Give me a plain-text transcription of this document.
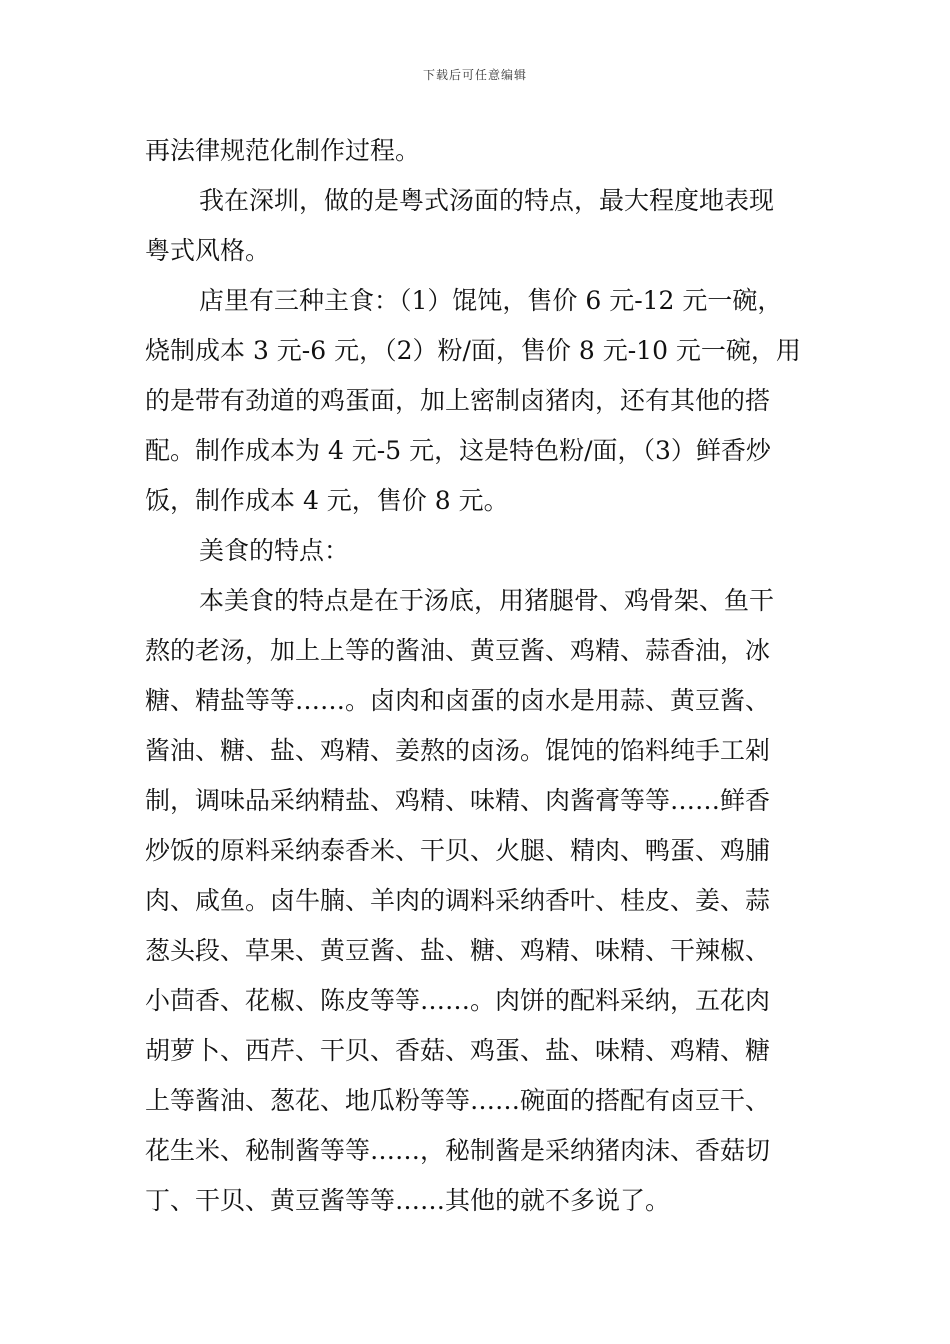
下载后可任意编辑
再法律规范化制作过程。
我在深圳，做的是粤式汤面的特点，最大程度地表现
粤式风格。
店里有三种主食：（1）馄饨，售价 6 元-12 元一碗，
烧制成本 3 元-6 元，（2）粉/面，售价 8 元-10 元一碗，用
的是带有劲道的鸡蛋面，加上密制卤猪肉，还有其他的搭
配。制作成本为 4 元-5 元，这是特色粉/面，（3）鲜香炒
饭，制作成本 4 元，售价 8 元。
美食的特点：
本美食的特点是在于汤底，用猪腿骨、鸡骨架、鱼干
熬的老汤，加上上等的酱油、黄豆酱、鸡精、蒜香油，冰
糖、精盐等等……。卤肉和卤蛋的卤水是用蒜、黄豆酱、
酱油、糖、盐、鸡精、姜熬的卤汤。馄饨的馅料纯手工剁
制，调味品采纳精盐、鸡精、味精、肉酱膏等等……鲜香
炒饭的原料采纳泰香米、干贝、火腿、精肉、鸭蛋、鸡脯
肉、咸鱼。卤牛腩、羊肉的调料采纳香叶、桂皮、姜、蒜
葱头段、草果、黄豆酱、盐、糖、鸡精、味精、干辣椒、
小茴香、花椒、陈皮等等……。肉饼的配料采纳，五花肉
胡萝卜、西芹、干贝、香菇、鸡蛋、盐、味精、鸡精、糖
上等酱油、葱花、地瓜粉等等……碗面的搭配有卤豆干、
花生米、秘制酱等等……，秘制酱是采纳猪肉沫、香菇切
丁、干贝、黄豆酱等等……其他的就不多说了。
